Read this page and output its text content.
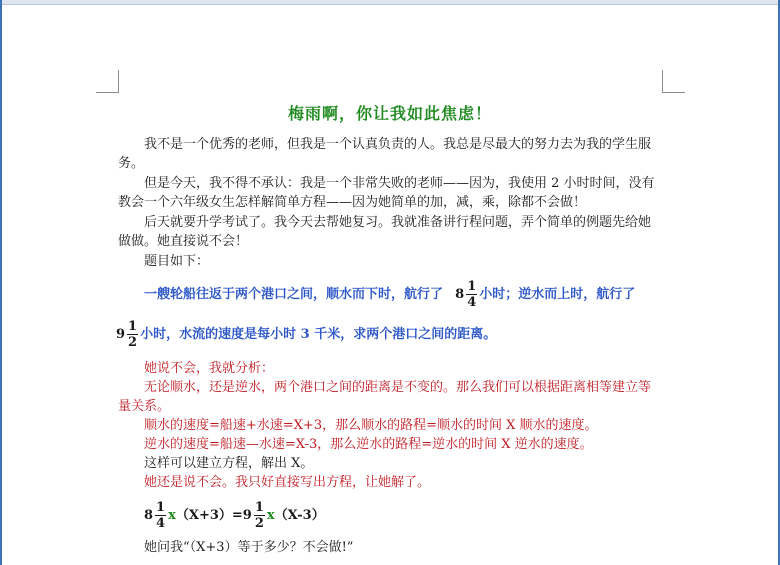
梅雨啊，你让我如此焦虑！

我不是一个优秀的老师，但我是一个认真负责的人。我总是尽最大的努力去为我的学生服务。

但是今天，我不得不承认：我是一个非常失败的老师——因为，我使用 2 小时时间，没有教会一个六年级女生怎样解简单方程——因为她简单的加，减，乘，除都不会做！

后天就要升学考试了。我今天去帮她复习。我就准备讲行程问题，弄个简单的例题先给她做做。她直接说不会！

题目如下：

一艘轮船往返于两个港口之间，顺水而下时，航行了 $8 \frac{1}{4}$ 小时；逆水而上时，航行了
$9 \frac{1}{2}$ 小时，水流的速度是每小时 3 千米，求两个港口之间的距离。

她说不会，我就分析：

无论顺水，还是逆水，两个港口之间的距离是不变的。那么我们可以根据距离相等建立等量关系。

顺水的速度=船速+水速=X+3，那么顺水的路程=顺水的时间 X 顺水的速度。

逆水的速度=船速—水速=X-3，那么逆水的路程=逆水的时间 X 逆水的速度。

这样可以建立方程，解出 X。

她还是说不会。我只好直接写出方程，让她解了。

$8 \frac{1}{4} x(X+3)=9 \frac{1}{2} x(X-3)$

她问我“（X+3）等于多少？不会做!”
